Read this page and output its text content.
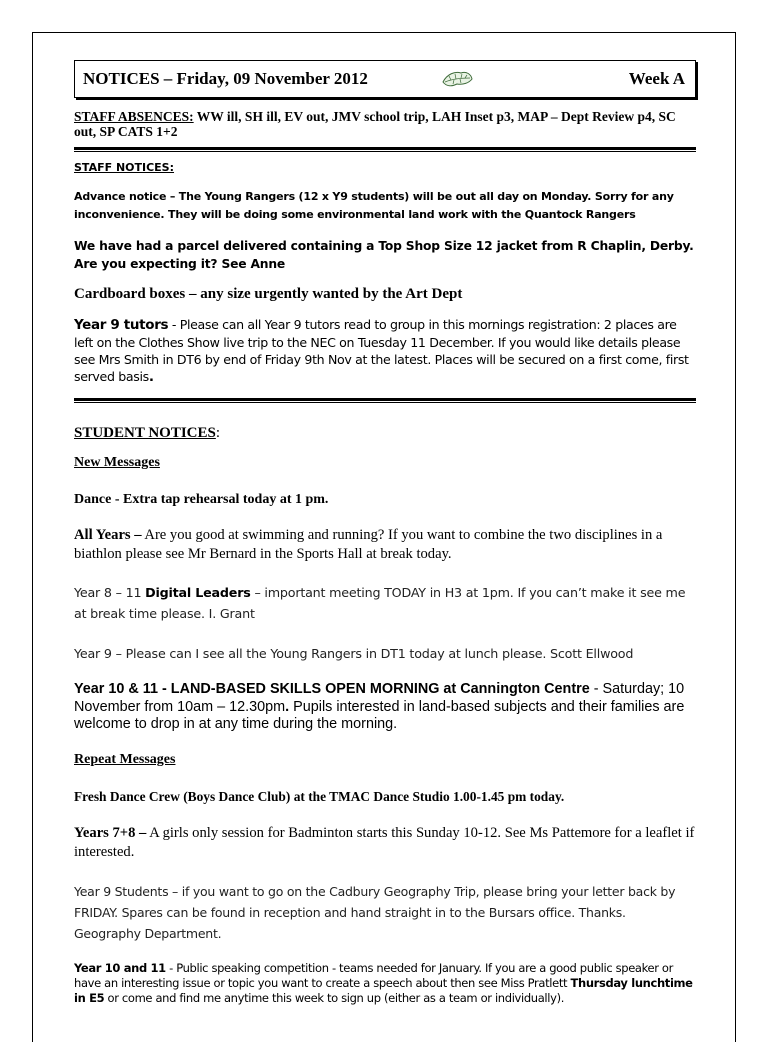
NOTICES – Friday, 09 November 2012	Week A

STAFF ABSENCES: WW ill, SH ill, EV out, JMV school trip, LAH Inset p3, MAP – Dept Review p4, SC out, SP CATS 1+2

STAFF NOTICES:

Advance notice – The Young Rangers (12 x Y9 students) will be out all day on Monday. Sorry for any inconvenience. They will be doing some environmental land work with the Quantock Rangers

We have had a parcel delivered containing a Top Shop Size 12 jacket from R Chaplin, Derby. Are you expecting it? See Anne

Cardboard boxes – any size urgently wanted by the Art Dept

Year 9 tutors - Please can all Year 9 tutors read to group in this mornings registration: 2 places are left on the Clothes Show live trip to the NEC on Tuesday 11 December. If you would like details please see Mrs Smith in DT6 by end of Friday 9th Nov at the latest. Places will be secured on a first come, first served basis.

STUDENT NOTICES:

New Messages

Dance - Extra tap rehearsal today at 1 pm.

All Years – Are you good at swimming and running? If you want to combine the two disciplines in a biathlon please see Mr Bernard in the Sports Hall at break today.

Year 8 – 11 Digital Leaders – important meeting TODAY in H3 at 1pm. If you can’t make it see me at break time please. I. Grant

Year 9 – Please can I see all the Young Rangers in DT1 today at lunch please. Scott Ellwood

Year 10 & 11 - LAND-BASED SKILLS OPEN MORNING at Cannington Centre - Saturday; 10 November from 10am – 12.30pm. Pupils interested in land-based subjects and their families are welcome to drop in at any time during the morning.

Repeat Messages

Fresh Dance Crew (Boys Dance Club) at the TMAC Dance Studio 1.00-1.45 pm today.

Years 7+8 – A girls only session for Badminton starts this Sunday 10-12. See Ms Pattemore for a leaflet if interested.

Year 9 Students – if you want to go on the Cadbury Geography Trip, please bring your letter back by FRIDAY. Spares can be found in reception and hand straight in to the Bursars office. Thanks. Geography Department.

Year 10 and 11 - Public speaking competition - teams needed for January. If you are a good public speaker or have an interesting issue or topic you want to create a speech about then see Miss Pratlett Thursday lunchtime in E5 or come and find me anytime this week to sign up (either as a team or individually).
